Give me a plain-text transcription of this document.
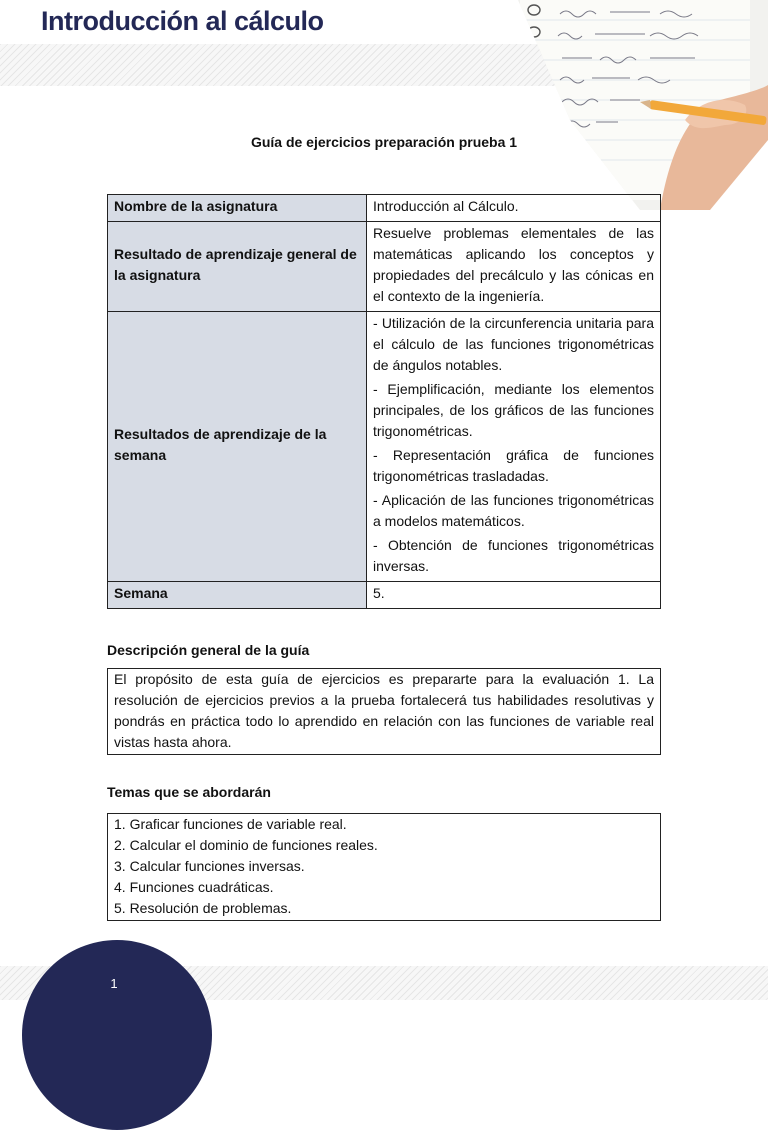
Introducción al cálculo
Guía de ejercicios preparación prueba 1
Nombre de la asignatura	Introducción al Cálculo.
Resultado de aprendizaje general de la asignatura	Resuelve problemas elementales de las matemáticas aplicando los conceptos y propiedades del precálculo y las cónicas en el contexto de la ingeniería.
Resultados de aprendizaje de la semana	- Utilización de la circunferencia unitaria para el cálculo de las funciones trigonométricas de ángulos notables.
- Ejemplificación, mediante los elementos principales, de los gráficos de las funciones trigonométricas.
- Representación gráfica de funciones trigonométricas trasladadas.
- Aplicación de las funciones trigonométricas a modelos matemáticos.
- Obtención de funciones trigonométricas inversas.

Semana	5.
Descripción general de la guía
El propósito de esta guía de ejercicios es prepararte para la evaluación 1. La resolución de ejercicios previos a la prueba fortalecerá tus habilidades resolutivas y pondrás en práctica todo lo aprendido en relación con las funciones de variable real vistas hasta ahora.
Temas que se abordarán
1. Graficar funciones de variable real.
2. Calcular el dominio de funciones reales.
3. Calcular funciones inversas.
4. Funciones cuadráticas.
5. Resolución de problemas.
1
